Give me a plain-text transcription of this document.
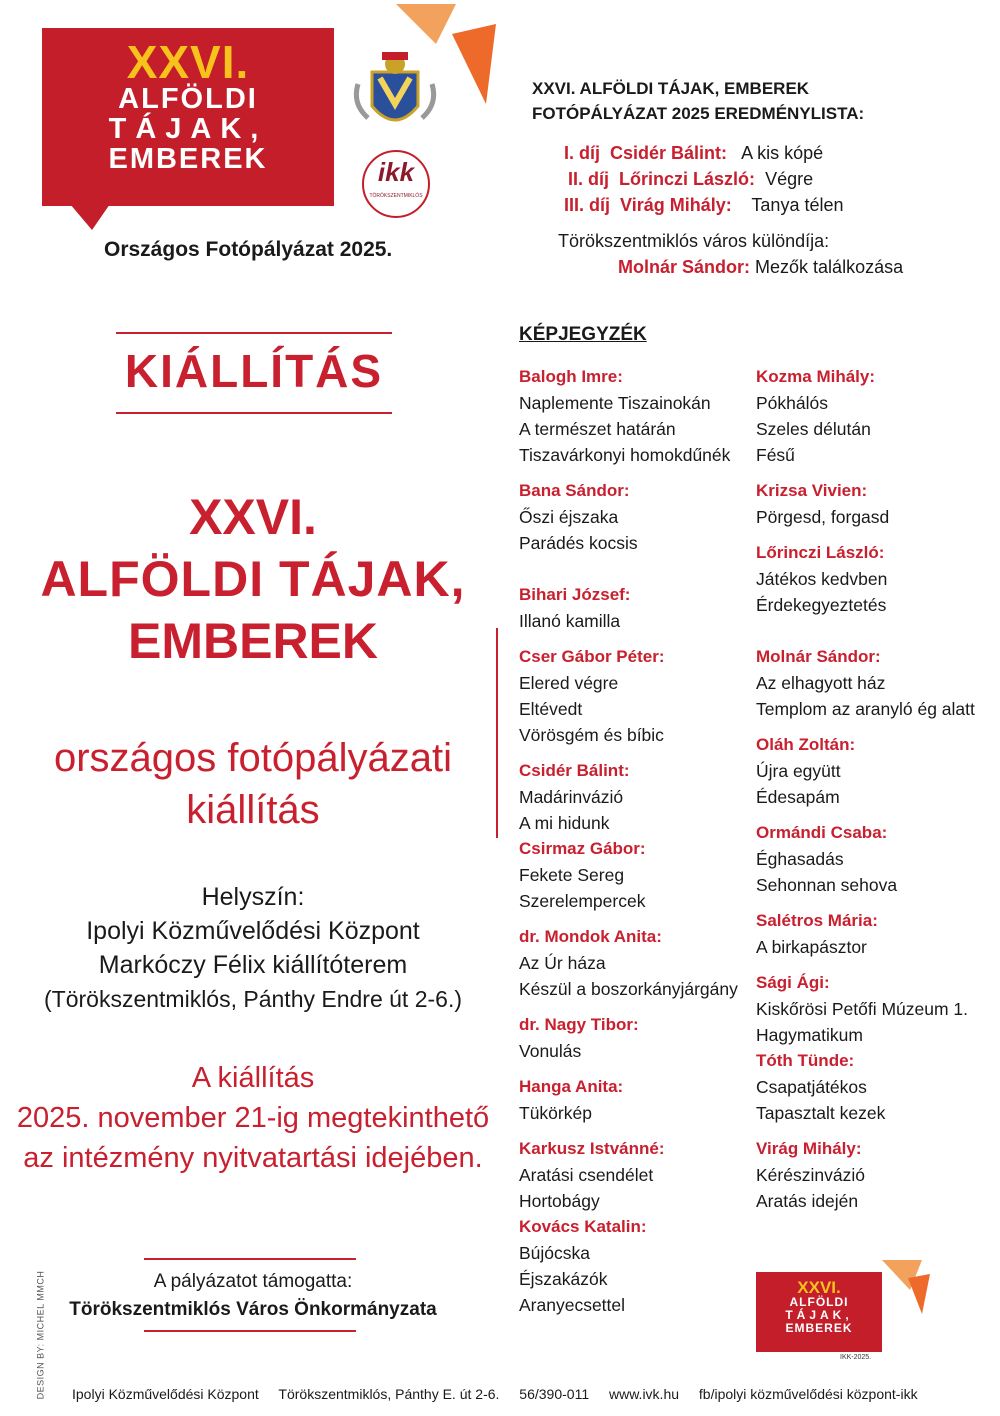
XXVI.
ALFÖLDI
TÁJAK,
EMBEREK	ikk
TÖRÖKSZENTMIKLÓS
Országos Fotópályázat 2025.
XXVI. ALFÖLDI TÁJAK, EMBEREK
FOTÓPÁLYÁZAT 2025 EREDMÉNYLISTA:
I. díj Csidér Bálint: A kis kópé
II. díj Lőrinczi László: Végre
III. díj Virág Mihály: Tanya télen
Törökszentmiklós város különdíja:
Molnár Sándor: Mezők találkozása
KIÁLLÍTÁS
XXVI.
ALFÖLDI TÁJAK,
EMBEREK
országos fotópályázati
kiállítás
Helyszín:
Ipolyi Közművelődési Központ
Markóczy Félix kiállítóterem
(Törökszentmiklós, Pánthy Endre út 2-6.)
A kiállítás
2025. november 21-ig megtekinthető
az intézmény nyitvatartási idejében.
A pályázatot támogatta:
Törökszentmiklós Város Önkormányzata
KÉPJEGYZÉK
Balogh Imre:
Naplemente Tiszainokán
A természet határán
Tiszavárkonyi homokdűnék
Bana Sándor:
Őszi éjszaka
Parádés kocsis
Bihari József:
Illanó kamilla
Cser Gábor Péter:
Elered végre
Eltévedt
Vörösgém és bíbic
Csidér Bálint:
Madárinvázió
A mi hidunk
Csirmaz Gábor:
Fekete Sereg
Szerelempercek
dr. Mondok Anita:
Az Úr háza
Készül a boszorkányjárgány
dr. Nagy Tibor:
Vonulás
Hanga Anita:
Tükörkép
Karkusz Istvánné:
Aratási csendélet
Hortobágy
Kovács Katalin:
Bújócska
Éjszakázók
Aranyecsettel
Kozma Mihály:
Pókhálós
Szeles délután
Fésű
Krizsa Vivien:
Pörgesd, forgasd
Lőrinczi László:
Játékos kedvben
Érdekegyeztetés
Molnár Sándor:
Az elhagyott ház
Templom az aranyló ég alatt
Oláh Zoltán:
Újra együtt
Édesapám
Ormándi Csaba:
Éghasadás
Sehonnan sehova
Salétros Mária:
A birkapásztor
Sági Ági:
Kiskőrösi Petőfi Múzeum 1.
Hagymatikum
Tóth Tünde:
Csapatjátékos
Tapasztalt kezek
Virág Mihály:
Kérészinvázió
Aratás idején
XXVI.
ALFÖLDI
TÁJAK,
EMBEREK
IKK-2025.
Ipolyi Közművelődési Központ Törökszentmiklós, Pánthy E. út 2-6. 56/390-011 www.ivk.hu fb/ipolyi közművelődési központ-ikk
DESIGN BY: MICHEL MMCH
